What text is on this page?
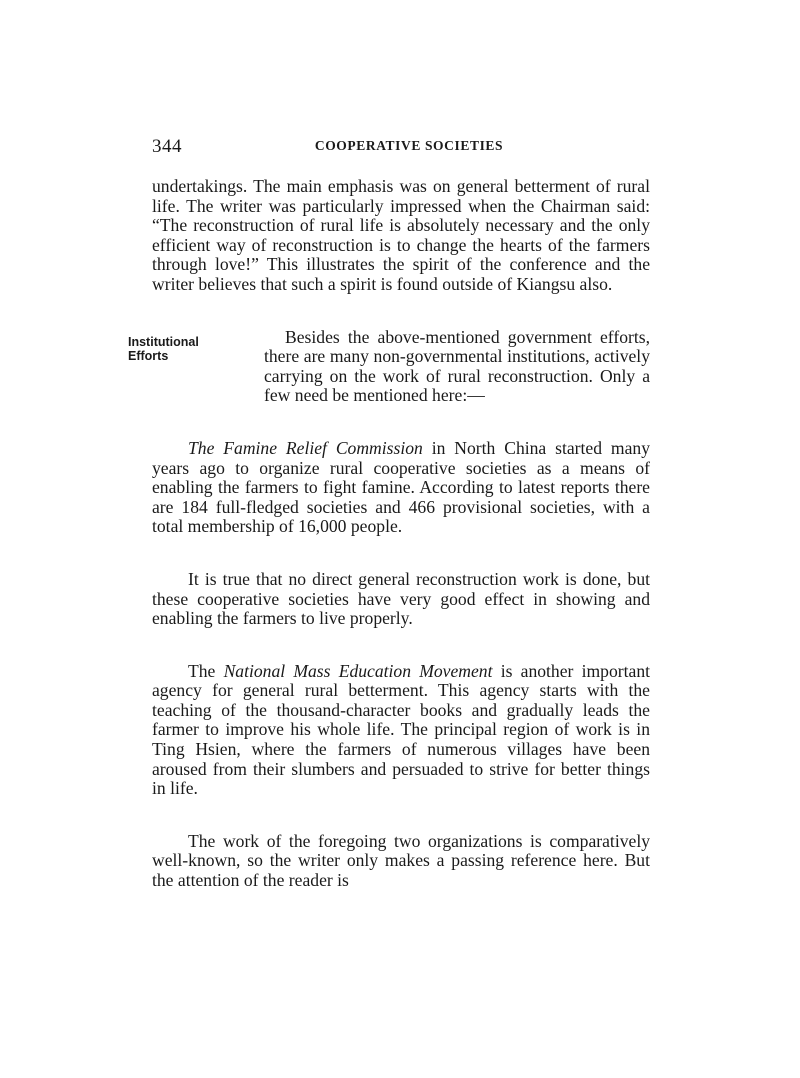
344	COOPERATIVE SOCIETIES

undertakings. The main emphasis was on general betterment of rural life. The writer was particularly impressed when the Chairman said: “The reconstruction of rural life is absolutely necessary and the only efficient way of reconstruction is to change the hearts of the farmers through love!” This illustrates the spirit of the conference and the writer believes that such a spirit is found outside of Kiangsu also.

Institutional
Efforts

Besides the above-mentioned government efforts, there are many non-governmental institutions, actively carrying on the work of rural reconstruction. Only a few need be mentioned here:—

The Famine Relief Commission in North China started many years ago to organize rural cooperative societies as a means of enabling the farmers to fight famine. According to latest reports there are 184 full-fledged societies and 466 provisional societies, with a total membership of 16,000 people.

It is true that no direct general reconstruction work is done, but these cooperative societies have very good effect in showing and enabling the farmers to live properly.

The National Mass Education Movement is another important agency for general rural betterment. This agency starts with the teaching of the thousand-character books and gradually leads the farmer to improve his whole life. The principal region of work is in Ting Hsien, where the farmers of numerous villages have been aroused from their slumbers and persuaded to strive for better things in life.

The work of the foregoing two organizations is comparatively well-known, so the writer only makes a passing reference here. But the attention of the reader is
